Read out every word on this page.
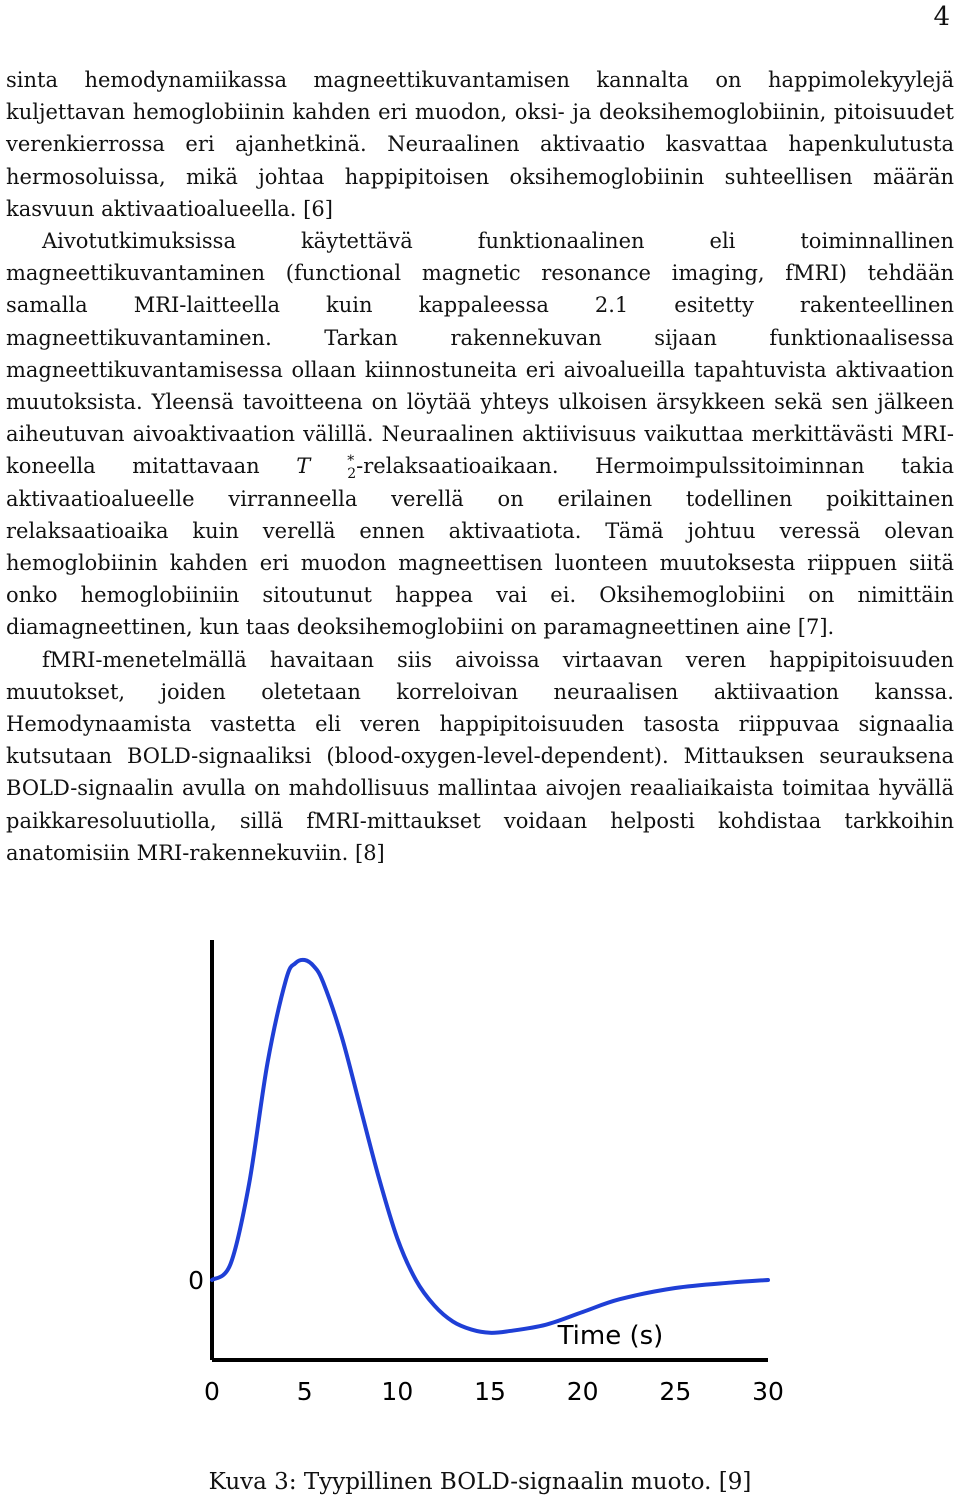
4

sinta hemodynamiikassa magneettikuvantamisen kannalta on happimolekyylejä kuljettavan hemoglobiinin kahden eri muodon, oksi- ja deoksihemoglobiinin, pitoisuudet verenkierrossa eri ajanhetkinä. Neuraalinen aktivaatio kasvattaa hapenkulutusta hermosoluissa, mikä johtaa happipitoisen oksihemoglobiinin suhteellisen määrän kasvuun aktivaatioalueella. [6]

Aivotutkimuksissa käytettävä funktionaalinen eli toiminnallinen magneettikuvantaminen (functional magnetic resonance imaging, fMRI) tehdään samalla MRI-laitteella kuin kappaleessa 2.1 esitetty rakenteellinen magneettikuvantaminen. Tarkan rakennekuvan sijaan funktionaalisessa magneettikuvantamisessa ollaan kiinnostuneita eri aivoalueilla tapahtuvista aktivaation muutoksista. Yleensä tavoitteena on löytää yhteys ulkoisen ärsykkeen sekä sen jälkeen aiheutuvan aivoaktivaation välillä. Neuraalinen aktiivisuus vaikuttaa merkittävästi MRI-koneella mitattavaan T	*
2 -relaksaatioaikaan. Hermoimpulssitoiminnan takia aktivaatioalueelle virranneella verellä on erilainen todellinen poikittainen relaksaatioaika kuin verellä ennen aktivaatiota. Tämä johtuu veressä olevan hemoglobiinin kahden eri muodon magneettisen luonteen muutoksesta riippuen siitä onko hemoglobiiniin sitoutunut happea vai ei. Oksihemoglobiini on nimittäin diamagneettinen, kun taas deoksihemoglobiini on paramagneettinen aine [7].

fMRI-menetelmällä havaitaan siis aivoissa virtaavan veren happipitoisuuden muutokset, joiden oletetaan korreloivan neuraalisen aktiivaation kanssa. Hemodynaamista vastetta eli veren happipitoisuuden tasosta riippuvaa signaalia kutsutaan BOLD-signaaliksi (blood-oxygen-level-dependent). Mittauksen seurauksena BOLD-signaalin avulla on mahdollisuus mallintaa aivojen reaaliaikaista toimitaa hyvällä paikkaresoluutiolla, sillä fMRI-mittaukset voidaan helposti kohdistaa tarkkoihin anatomisiin MRI-rakennekuviin. [8]

0	5	10 15 20 25 30
0
Time (s)
Kuva 3: Tyypillinen BOLD-signaalin muoto. [9]
